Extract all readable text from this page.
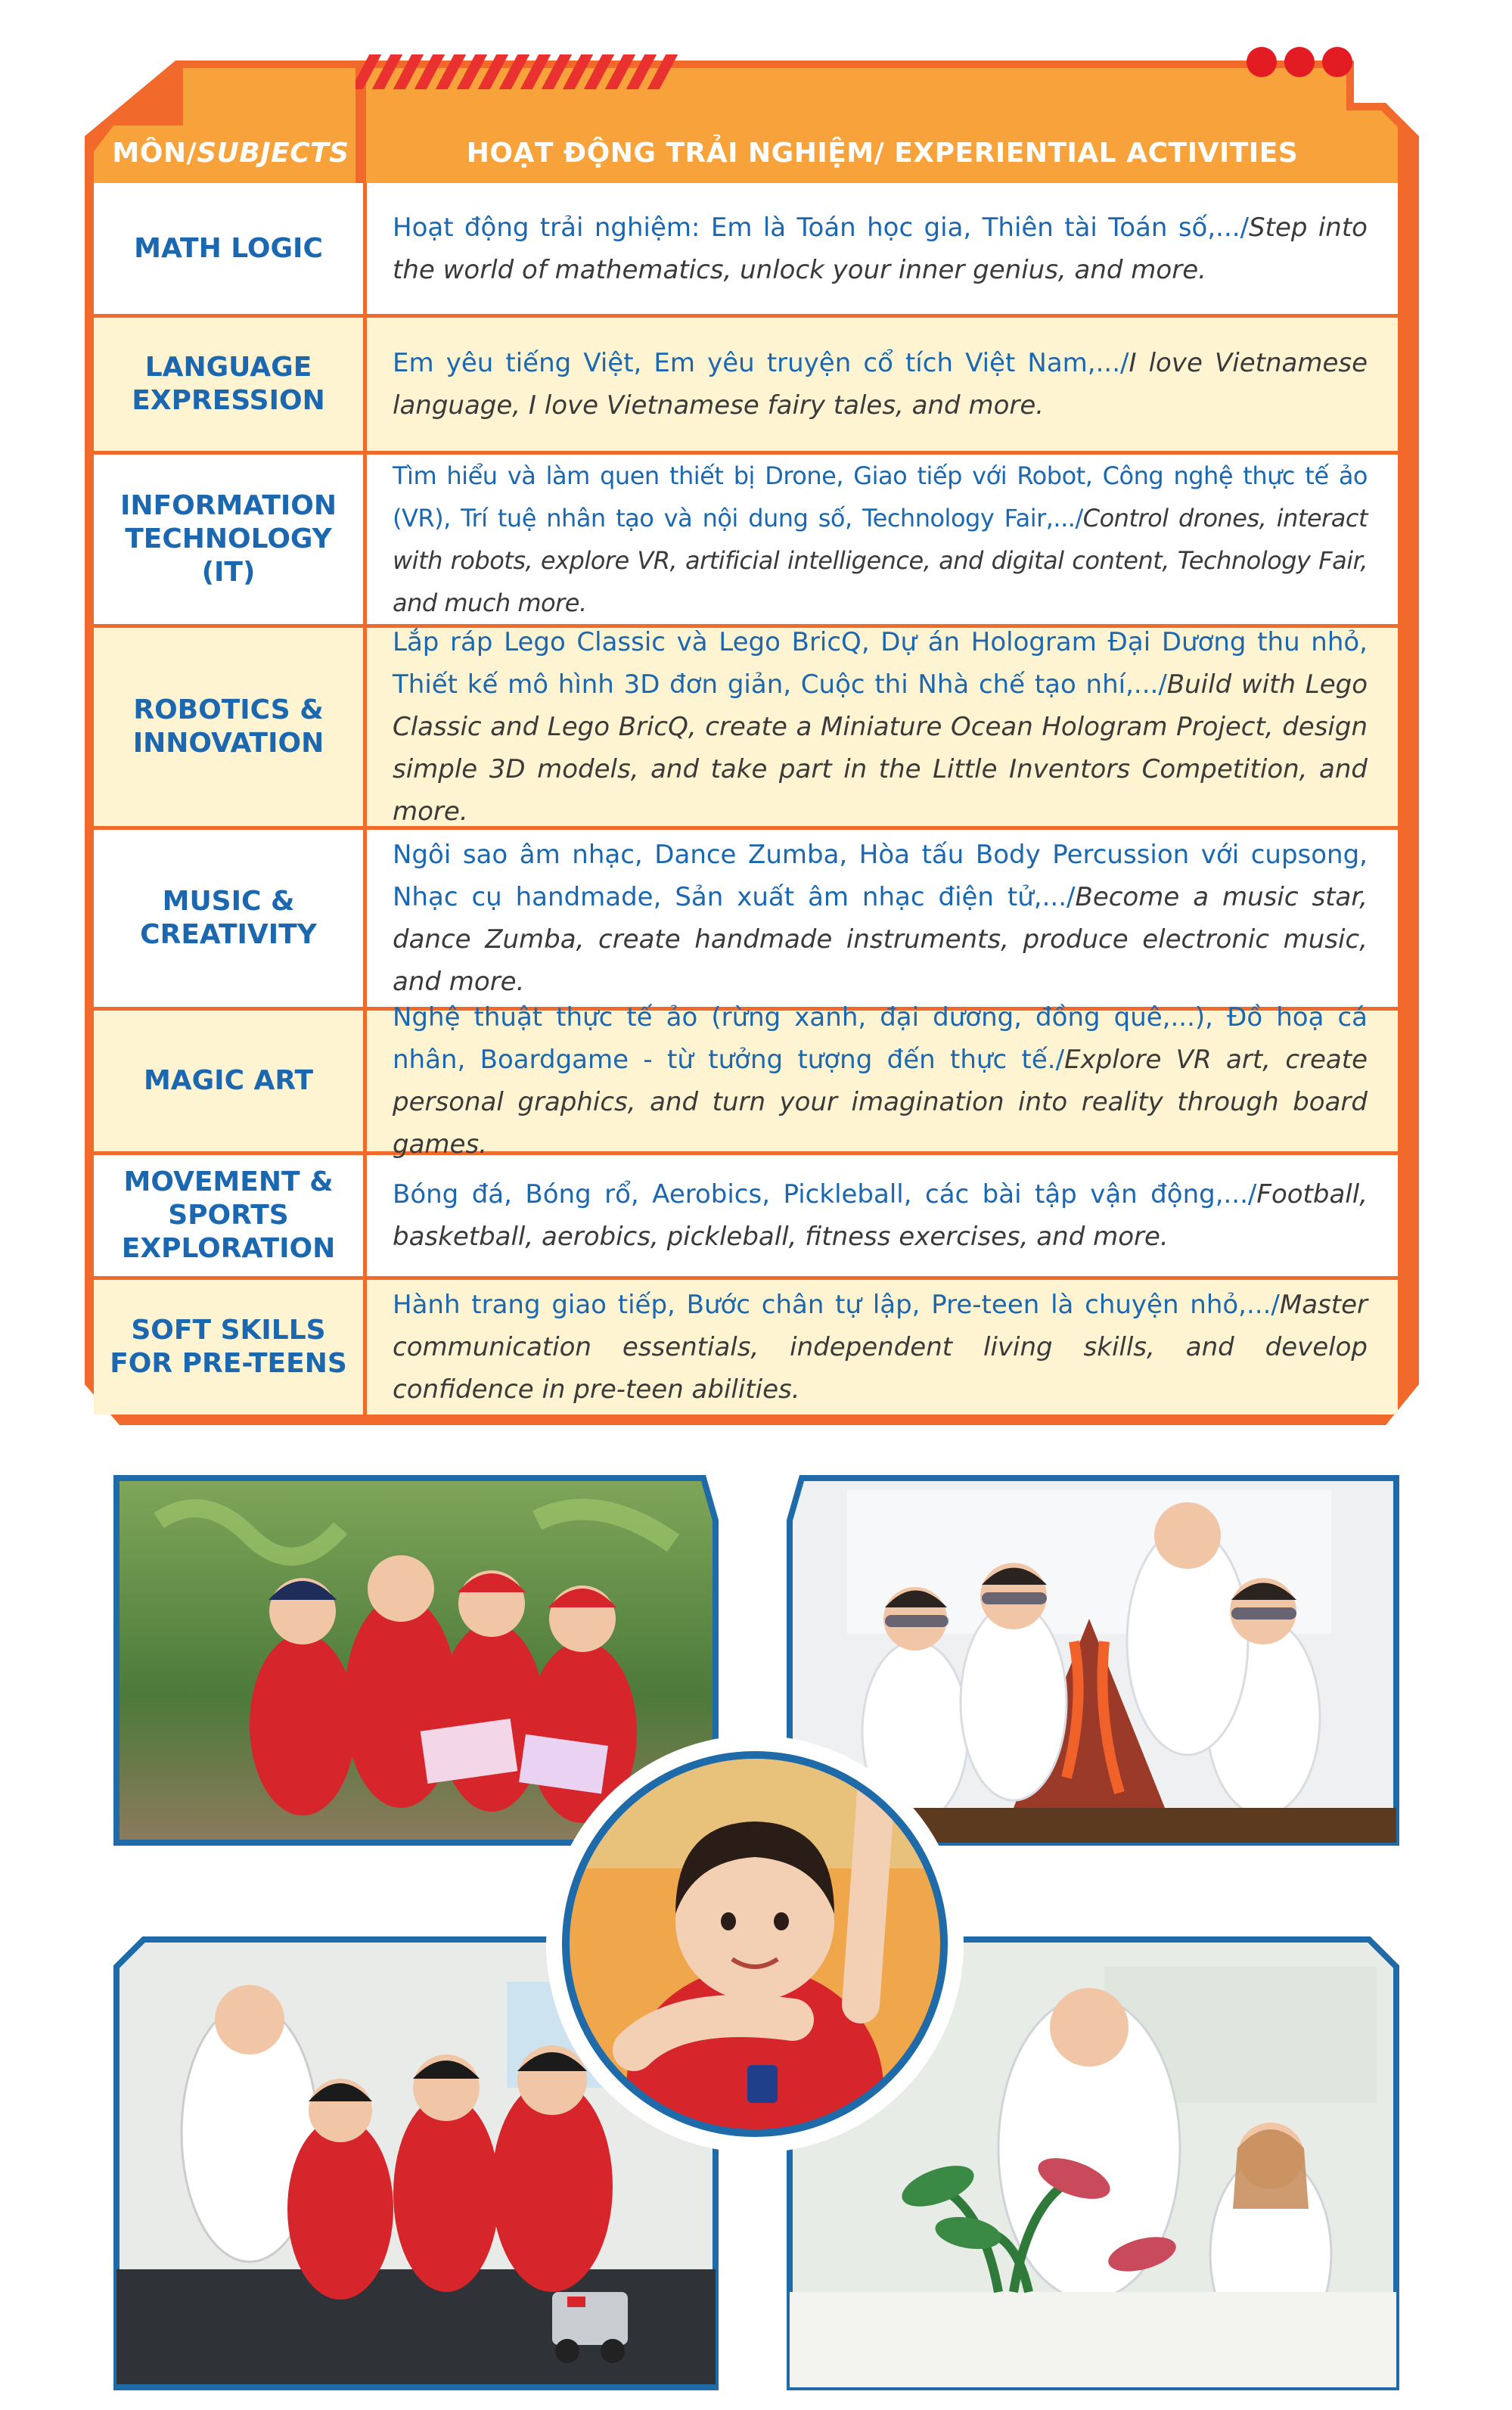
MÔN/ SUBJECTS	HOẠT ĐỘNG TRẢI NGHIỆM/ EXPERIENTIAL ACTIVITIES
MATH LOGIC

Hoạt động trải nghiệm: Em là Toán học gia, Thiên tài Toán số,.../Step into the world of mathematics, unlock your inner genius, and more.

LANGUAGE
EXPRESSION

Em yêu tiếng Việt, Em yêu truyện cổ tích Việt Nam,.../I love Vietnamese language, I love Vietnamese fairy tales, and more.

INFORMATION
TECHNOLOGY (IT)

Tìm hiểu và làm quen thiết bị Drone, Giao tiếp với Robot, Công nghệ thực tế ảo (VR), Trí tuệ nhân tạo và nội dung số, Technology Fair,.../Control drones, interact with robots, explore VR, artificial intelligence, and digital content, Technology Fair, and much more.

ROBOTICS &
INNOVATION

Lắp ráp Lego Classic và Lego BricQ, Dự án Hologram Đại Dương thu nhỏ, Thiết kế mô hình 3D đơn giản, Cuộc thi Nhà chế tạo nhí,.../Build with Lego Classic and Lego BricQ, create a Miniature Ocean Hologram Project, design simple 3D models, and take part in the Little Inventors Competition, and more.

MUSIC &
CREATIVITY

Ngôi sao âm nhạc, Dance Zumba, Hòa tấu Body Percussion với cupsong, Nhạc cụ handmade, Sản xuất âm nhạc điện tử,.../Become a music star, dance Zumba, create handmade instruments, produce electronic music, and more.

MAGIC ART

Nghệ thuật thực tế ảo (rừng xanh, đại dương, đồng quê,...), Đồ hoạ cá nhân, Boardgame - từ tưởng tượng đến thực tế./Explore VR art, create personal graphics, and turn your imagination into reality through board games.

MOVEMENT &
SPORTS
EXPLORATION

Bóng đá, Bóng rổ, Aerobics, Pickleball, các bài tập vận động,.../Football, basketball, aerobics, pickleball, fitness exercises, and more.

SOFT SKILLS
FOR PRE-TEENS

Hành trang giao tiếp, Bước chân tự lập, Pre-teen là chuyện nhỏ,.../Master communication essentials, independent living skills, and develop confidence in pre-teen abilities.
